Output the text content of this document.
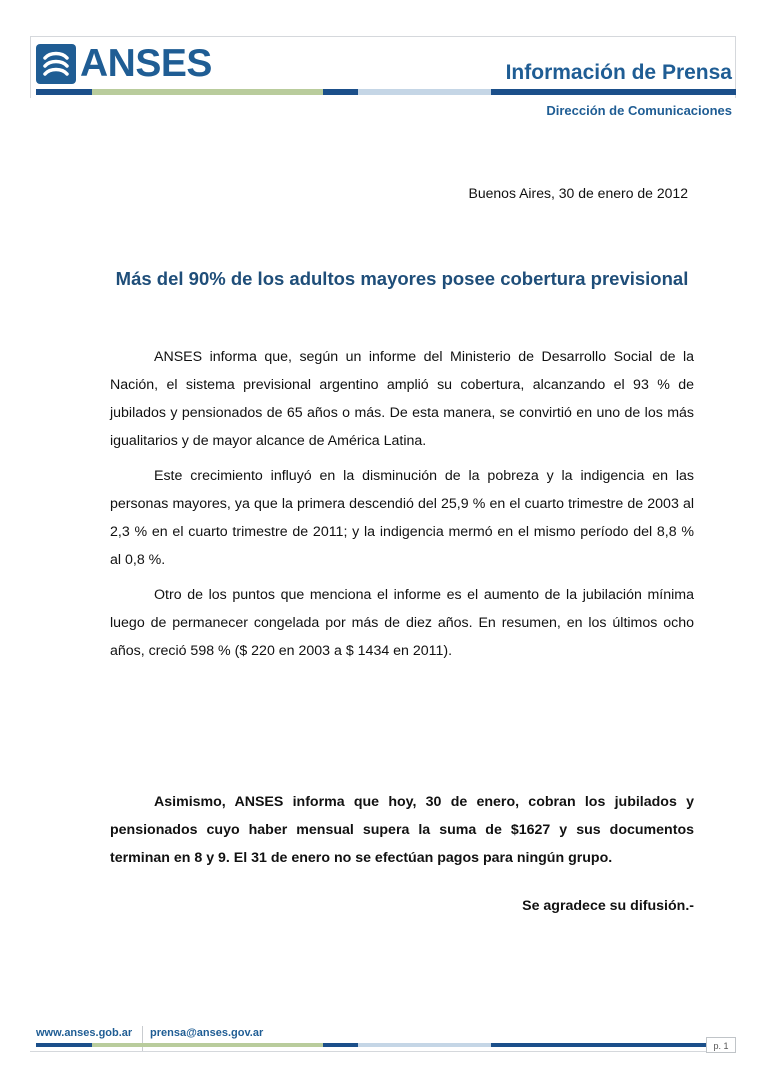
ANSES	Información de Prensa
Dirección de Comunicaciones
Buenos Aires, 30 de enero de 2012
Más del 90% de los adultos mayores posee cobertura previsional

ANSES informa que, según un informe del Ministerio de Desarrollo Social de la Nación, el sistema previsional argentino amplió su cobertura, alcanzando el 93 % de jubilados y pensionados de 65 años o más. De esta manera, se convirtió en uno de los más igualitarios y de mayor alcance de América Latina.

Este crecimiento influyó en la disminución de la pobreza y la indigencia en las personas mayores, ya que la primera descendió del 25,9 % en el cuarto trimestre de 2003 al 2,3 % en el cuarto trimestre de 2011; y la indigencia mermó en el mismo período del 8,8 % al 0,8 %.

Otro de los puntos que menciona el informe es el aumento de la jubilación mínima luego de permanecer congelada por más de diez años. En resumen, en los últimos ocho años, creció 598 % ($ 220 en 2003 a $ 1434 en 2011).

Asimismo, ANSES informa que hoy, 30 de enero, cobran los jubilados y pensionados cuyo haber mensual supera la suma de $1627 y sus documentos terminan en 8 y 9. El 31 de enero no se efectúan pagos para ningún grupo.
Se agradece su difusión.-
www.anses.gob.ar prensa@anses.gov.ar
p. 1
